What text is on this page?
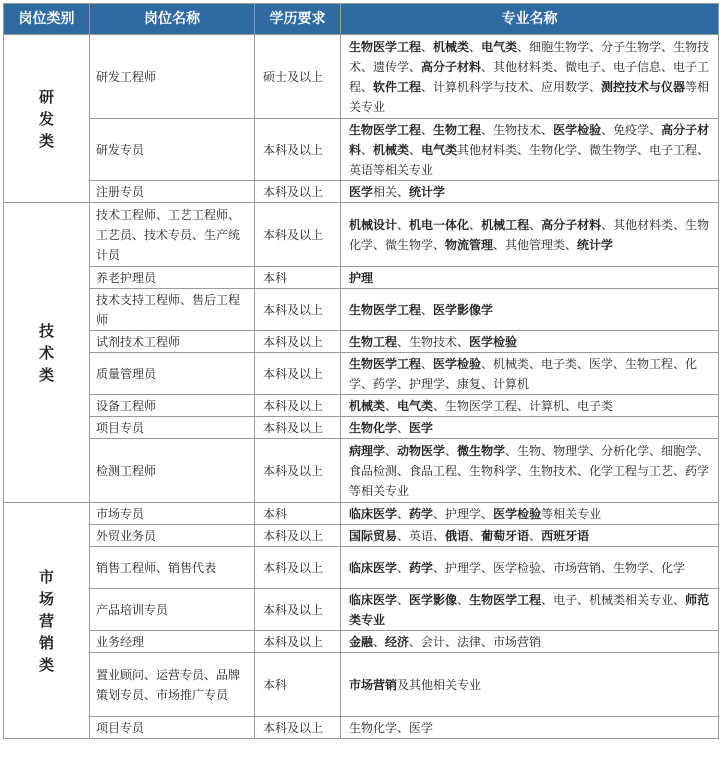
岗位类别	岗位名称	学历要求	专业名称
研发类	研发工程师	硕士及以上	生物医学工程、机械类、电气类、细胞生物学、分子生物学、生物技术、遗传学、高分子材料、其他材料类、微电子、电子信息、电子工程、软件工程、计算机科学与技术、应用数学、测控技术与仪器等相关专业
	研发专员	本科及以上	生物医学工程、生物工程、生物技术、医学检验、免疫学、高分子材料、机械类、电气类其他材料类、生物化学、微生物学、电子工程、英语等相关专业
	注册专员	本科及以上	医学相关、统计学
技术类	技术工程师、工艺工程师、工艺员、技术专员、生产统计员	本科及以上	机械设计、机电一体化、机械工程、高分子材料、其他材料类、生物化学、微生物学、物流管理、其他管理类、统计学
	养老护理员	本科	护理
	技术支持工程师、售后工程师	本科及以上	生物医学工程、医学影像学
	试剂技术工程师	本科及以上	生物工程、生物技术、医学检验
	质量管理员	本科及以上	生物医学工程、医学检验、机械类、电子类、医学、生物工程、化学、药学、护理学、康复、计算机
	设备工程师	本科及以上	机械类、电气类、生物医学工程、计算机、电子类
	项目专员	本科及以上	生物化学、医学
	检测工程师	本科及以上	病理学、动物医学、微生物学、生物、物理学、分析化学、细胞学、食品检测、食品工程、生物科学、生物技术、化学工程与工艺、药学等相关专业
市场营销类	市场专员	本科	临床医学、药学、护理学、医学检验等相关专业
	外贸业务员	本科及以上	国际贸易、英语、俄语、葡萄牙语、西班牙语
	销售工程师、销售代表	本科及以上	临床医学、药学、护理学、医学检验、市场营销、生物学、化学
	产品培训专员	本科及以上	临床医学、医学影像、生物医学工程、电子、机械类相关专业、师范类专业
	业务经理	本科及以上	金融、经济、会计、法律、市场营销
	置业顾问、运营专员、品牌策划专员、市场推广专员	本科	市场营销及其他相关专业
	项目专员	本科及以上	生物化学、医学
